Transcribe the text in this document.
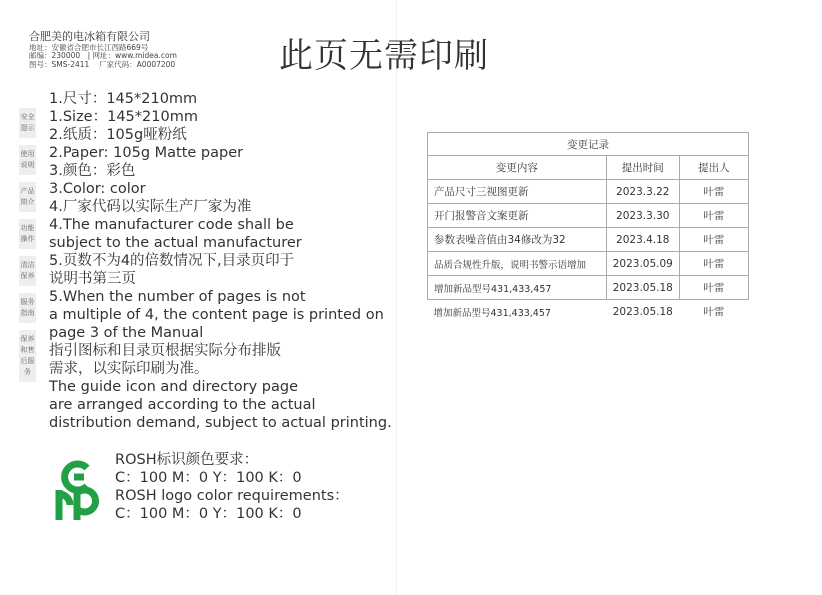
合肥美的电冰箱有限公司
地址：安徽省合肥市长江西路669号
邮编：230000　| 网址：www.midea.com
图号：SMS-2411　 厂家代码：A0007200	此页无需印刷
安全提示
使用说明
产品简介
功能操作
清洁保养
服务指南
保养和售后服务
1.尺寸：145*210mm
1.Size：145*210mm
2.纸质：105g哑粉纸
2.Paper: 105g Matte paper
3.颜色：彩色
3.Color: color
4.厂家代码以实际生产厂家为准
4.The manufacturer code shall be
subject to the actual manufacturer
5.页数不为4的倍数情况下,目录页印于
说明书第三页
5.When the number of pages is not
a multiple of 4, the content page is printed on
page 3 of the Manual
指引图标和目录页根据实际分布排版
需求，以实际印刷为准。
The guide icon and directory page
are arranged according to the actual
distribution demand, subject to actual printing.
ROSH标识颜色要求：
C：100 M：0 Y：100 K：0
ROSH logo color requirements：
C：100 M：0 Y：100 K：0
变更记录		
变更内容	提出时间	提出人
产品尺寸三视图更新	2023.3.22	叶雷
开门报警音文案更新	2023.3.30	叶雷
参数表噪音值由34修改为32	2023.4.18	叶雷
品质合规性升版，说明书警示语增加	2023.05.09	叶雷
增加新品型号431,433,457	2023.05.18	叶雷
增加新品型号431,433,457	2023.05.18	叶雷
